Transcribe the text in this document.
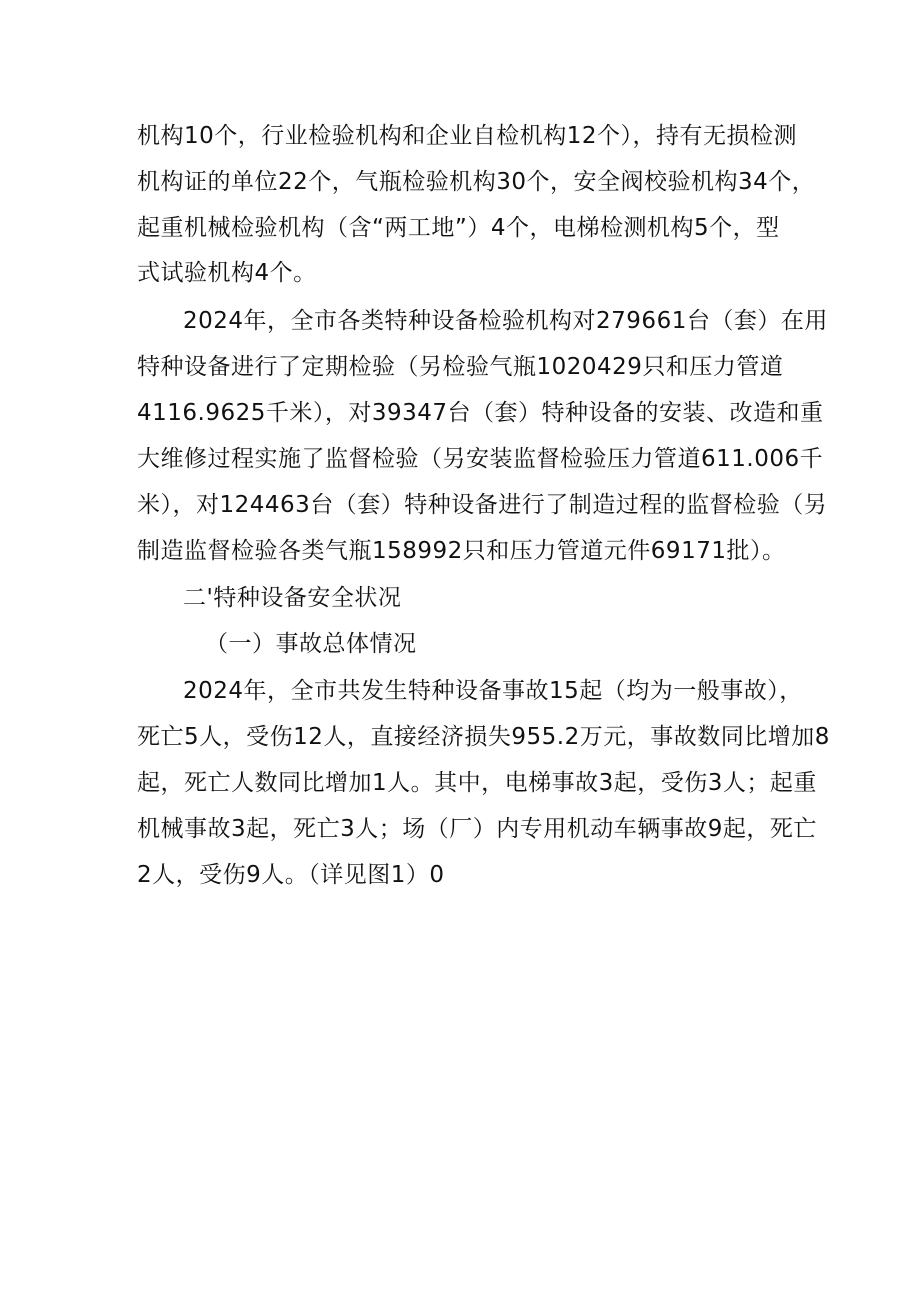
机构10个，行业检验机构和企业自检机构12个），持有无损检测
机构证的单位22个，气瓶检验机构30个，安全阀校验机构34个，
起重机械检验机构（含“两工地”）4个，电梯检测机构5个，型
式试验机构4个。
2024年，全市各类特种设备检验机构对279661台（套）在用
特种设备进行了定期检验（另检验气瓶1020429只和压力管道
4116.9625千米），对39347台（套）特种设备的安装、改造和重
大维修过程实施了监督检验（另安装监督检验压力管道611.006千
米），对124463台（套）特种设备进行了制造过程的监督检验（另
制造监督检验各类气瓶158992只和压力管道元件69171批）。
二'特种设备安全状况
（一）事故总体情况
2024年，全市共发生特种设备事故15起（均为一般事故），
死亡5人，受伤12人，直接经济损失955.2万元，事故数同比增加8
起，死亡人数同比增加1人。其中，电梯事故3起，受伤3人；起重
机械事故3起，死亡3人；场（厂）内专用机动车辆事故9起，死亡
2人，受伤9人。（详见图1）0
